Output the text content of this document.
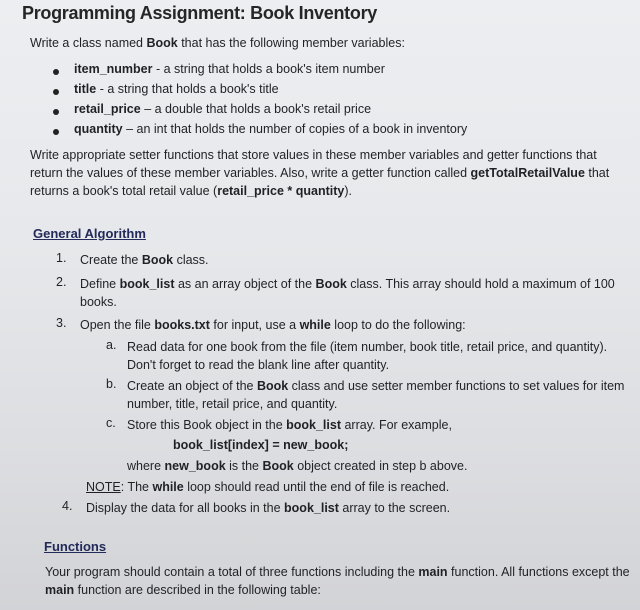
Programming Assignment: Book Inventory
Write a class named Book that has the following member variables:
item_number - a string that holds a book's item number
title - a string that holds a book's title
retail_price – a double that holds a book's retail price
quantity – an int that holds the number of copies of a book in inventory
Write appropriate setter functions that store values in these member variables and getter functions that
return the values of these member variables. Also, write a getter function called getTotalRetailValue that
returns a book's total retail value (retail_price * quantity).
General Algorithm
1. Create the Book class.
2. Define book_list as an array object of the Book class. This array should hold a maximum of 100
books.
3. Open the file books.txt for input, use a while loop to do the following:
a. Read data for one book from the file (item number, book title, retail price, and quantity).
Don't forget to read the blank line after quantity.
b. Create an object of the Book class and use setter member functions to set values for item
number, title, retail price, and quantity.
c. Store this Book object in the book_list array. For example,
book_list[index] = new_book;
where new_book is the Book object created in step b above.
NOTE: The while loop should read until the end of file is reached.
4. Display the data for all books in the book_list array to the screen.
Functions
Your program should contain a total of three functions including the main function. All functions except the
main function are described in the following table:
